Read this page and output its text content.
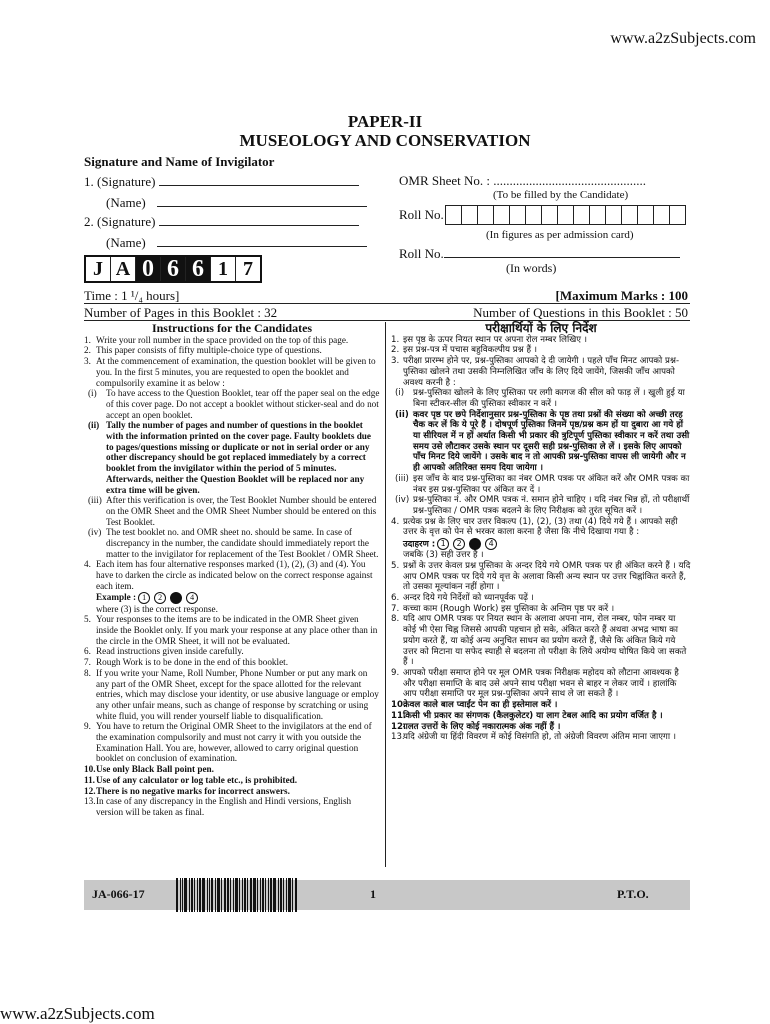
www.a2zSubjects.com
PAPER-II
MUSEOLOGY AND CONSERVATION
Signature and Name of Invigilator
1. (Signature)
(Name)
2. (Signature)
(Name)
OMR Sheet No. : ...............................................
(To be filled by the Candidate)
Roll No.
(In figures as per admission card)
Roll No.
(In words)
J A 0 6 6 1 7
Time : 1 ¹/₄ hours]	[Maximum Marks : 100
Number of Pages in this Booklet : 32	Number of Questions in this Booklet : 50
Instructions for the Candidates

1. Write your roll number in the space provided on the top of this page.

2. This paper consists of fifty multiple-choice type of questions.

3. At the commencement of examination, the question booklet will be given to you. In the first 5 minutes, you are requested to open the booklet and compulsorily examine it as below :

(i) To have access to the Question Booklet, tear off the paper seal on the edge of this cover page. Do not accept a booklet without sticker-seal and do not accept an open booklet.

(ii) Tally the number of pages and number of questions in the booklet with the information printed on the cover page. Faulty booklets due to pages/questions missing or duplicate or not in serial order or any other discrepancy should be got replaced immediately by a correct booklet from the invigilator within the period of 5 minutes. Afterwards, neither the Question Booklet will be replaced nor any extra time will be given.

(iii) After this verification is over, the Test Booklet Number should be entered on the OMR Sheet and the OMR Sheet Number should be entered on this Test Booklet.

(iv) The test booklet no. and OMR sheet no. should be same. In case of discrepancy in the number, the candidate should immediately report the matter to the invigilator for replacement of the Test Booklet / OMR Sheet.

4. Each item has four alternative responses marked (1), (2), (3) and (4). You have to darken the circle as indicated below on the correct response against each item.

Example : 1 2	4

where (3) is the correct response.

5. Your responses to the items are to be indicated in the OMR Sheet given inside the Booklet only. If you mark your response at any place other than in the circle in the OMR Sheet, it will not be evaluated.

6. Read instructions given inside carefully.

7. Rough Work is to be done in the end of this booklet.

8. If you write your Name, Roll Number, Phone Number or put any mark on any part of the OMR Sheet, except for the space allotted for the relevant entries, which may disclose your identity, or use abusive language or employ any other unfair means, such as change of response by scratching or using white fluid, you will render yourself liable to disqualification.

9. You have to return the Original OMR Sheet to the invigilators at the end of the examination compulsorily and must not carry it with you outside the Examination Hall. You are, however, allowed to carry original question booklet on conclusion of examination.

10. Use only Black Ball point pen.

11. Use of any calculator or log table etc., is prohibited.

12. There is no negative marks for incorrect answers.

13. In case of any discrepancy in the English and Hindi versions, English version will be taken as final.

परीक्षार्थियों के लिए निर्देश

1. इस पृष्ठ के ऊपर नियत स्थान पर अपना रोल नम्बर लिखिए ।

2. इस प्रश्न-पत्र में पचास बहुविकल्पीय प्रश्न हैं ।

3. परीक्षा प्रारम्भ होने पर, प्रश्न-पुस्तिका आपको दे दी जायेगी । पहले पाँच मिनट आपको प्रश्न-पुस्तिका खोलने तथा उसकी निम्नलिखित जाँच के लिए दिये जायेंगे, जिसकी जाँच आपको अवश्य करनी है :

(i) प्रश्न-पुस्तिका खोलने के लिए पुस्तिका पर लगी कागज की सील को फाड़ लें । खुली हुई या बिना स्टीकर-सील की पुस्तिका स्वीकार न करें ।

(ii) कवर पृष्ठ पर छपे निर्देशानुसार प्रश्न-पुस्तिका के पृष्ठ तथा प्रश्नों की संख्या को अच्छी तरह चैक कर लें कि ये पूरे हैं । दोषपूर्ण पुस्तिका जिनमें पृष्ठ/प्रश्न कम हों या दुबारा आ गये हों या सीरियल में न हों अर्थात किसी भी प्रकार की त्रुटिपूर्ण पुस्तिका स्वीकार न करें तथा उसी समय उसे लौटाकर उसके स्थान पर दूसरी सही प्रश्न-पुस्तिका ले लें । इसके लिए आपको पाँच मिनट दिये जायेंगे । उसके बाद न तो आपकी प्रश्न-पुस्तिका वापस ली जायेगी और न ही आपको अतिरिक्त समय दिया जायेगा ।

(iii) इस जाँच के बाद प्रश्न-पुस्तिका का नंबर OMR पत्रक पर अंकित करें और OMR पत्रक का नंबर इस प्रश्न-पुस्तिका पर अंकित कर दें ।

(iv) प्रश्न-पुस्तिका नं. और OMR पत्रक नं. समान होने चाहिए । यदि नंबर भिन्न हों, तो परीक्षार्थी प्रश्न-पुस्तिका / OMR पत्रक बदलने के लिए निरीक्षक को तुरंत सूचित करें ।

4. प्रत्येक प्रश्न के लिए चार उत्तर विकल्प (1), (2), (3) तथा (4) दिये गये हैं । आपको सही उत्तर के वृत्त को पेन से भरकर काला करना है जैसा कि नीचे दिखाया गया है :

उदाहरण : 1 2	4

जबकि (3) सही उत्तर है ।

5. प्रश्नों के उत्तर केवल प्रश्न पुस्तिका के अन्दर दिये गये OMR पत्रक पर ही अंकित करने हैं । यदि आप OMR पत्रक पर दिये गये वृत्त के अलावा किसी अन्य स्थान पर उत्तर चिह्नांकित करते हैं, तो उसका मूल्यांकन नहीं होगा ।

6. अन्दर दिये गये निर्देशों को ध्यानपूर्वक पढ़ें ।

7. कच्चा काम (Rough Work) इस पुस्तिका के अन्तिम पृष्ठ पर करें ।

8. यदि आप OMR पत्रक पर नियत स्थान के अलावा अपना नाम, रोल नम्बर, फोन नम्बर या कोई भी ऐसा चिह्न जिससे आपकी पहचान हो सके, अंकित करते हैं अथवा अभद्र भाषा का प्रयोग करते हैं, या कोई अन्य अनुचित साधन का प्रयोग करते हैं, जैसे कि अंकित किये गये उत्तर को मिटाना या सफेद स्याही से बदलना तो परीक्षा के लिये अयोग्य घोषित किये जा सकते हैं ।

9. आपको परीक्षा समाप्त होने पर मूल OMR पत्रक निरीक्षक महोदय को लौटाना आवश्यक है और परीक्षा समाप्ति के बाद उसे अपने साथ परीक्षा भवन से बाहर न लेकर जायें । हालांकि आप परीक्षा समाप्ति पर मूल प्रश्न-पुस्तिका अपने साथ ले जा सकते हैं ।

10.
केवल काले बाल प्वाईंट पेन का ही इस्तेमाल करें ।

11.
किसी भी प्रकार का संगणक (कैलकुलेटर) या लाग टेबल आदि का प्रयोग वर्जित है ।

12.
गलत उत्तरों के लिए कोई नकारात्मक अंक नहीं हैं ।

13.
यदि अंग्रेजी या हिंदी विवरण में कोई विसंगति हो, तो अंग्रेजी विवरण अंतिम माना जाएगा ।

JA-066-17	1	P.T.O.
www.a2zSubjects.com
